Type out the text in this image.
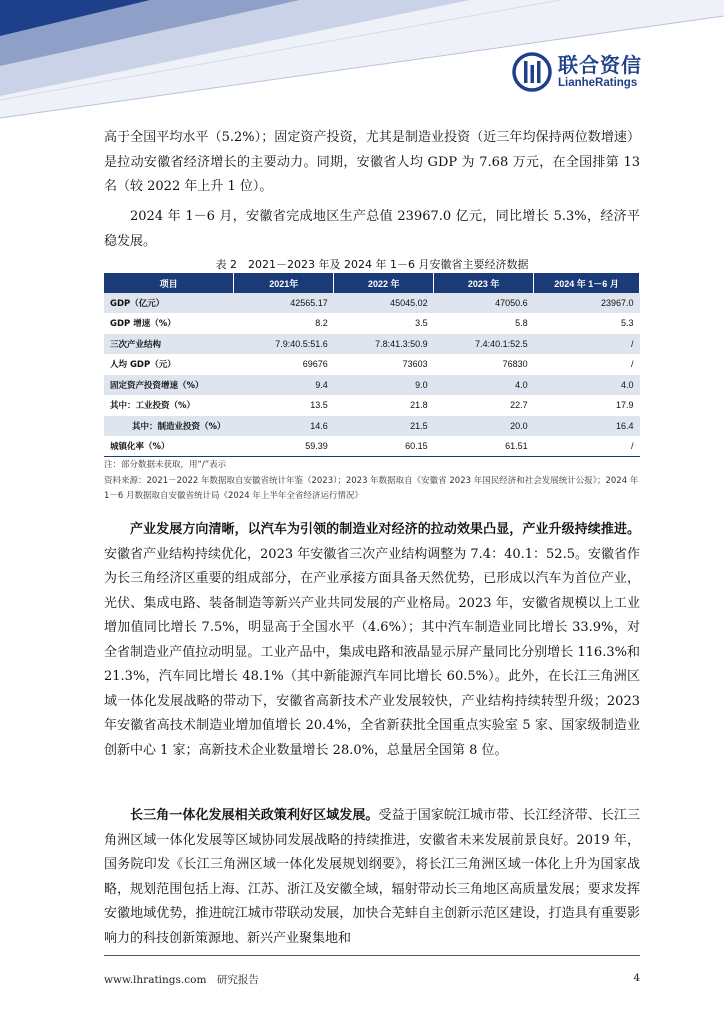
联合资信
LianheRatings

高于全国平均水平（5.2%）；固定资产投资，尤其是制造业投资（近三年均保持两位数增速）是拉动安徽省经济增长的主要动力。同期，安徽省人均 GDP 为 7.68 万元，在全国排第 13 名（较 2022 年上升 1 位）。

2024 年 1－6 月，安徽省完成地区生产总值 23967.0 亿元，同比增长 5.3%，经济平稳发展。

表 2　2021－2023 年及 2024 年 1－6 月安徽省主要经济数据
项目	2021年	2022 年	2023 年	2024 年 1－6 月
GDP（亿元）	42565.17	45045.02	47050.6	23967.0
GDP 增速（%）	8.2	3.5	5.8	5.3
三次产业结构	7.9:40.5:51.6	7.8:41.3:50.9	7.4:40.1:52.5	/
人均 GDP（元）	69676	73603	76830	/
固定资产投资增速（%）	9.4	9.0	4.0	4.0
其中：工业投资（%）	13.5	21.8	22.7	17.9
其中：制造业投资（%）	14.6	21.5	20.0	16.4
城镇化率（%）	59.39	60.15	61.51	/

注：部分数据未获取，用“/”表示

资料来源：2021－2022 年数据取自安徽省统计年鉴（2023）；2023 年数据取自《安徽省 2023 年国民经济和社会发展统计公报》；2024 年 1－6 月数据取自安徽省统计局《2024 年上半年全省经济运行情况》

产业发展方向清晰，以汽车为引领的制造业对经济的拉动效果凸显，产业升级持续推进。安徽省产业结构持续优化，2023 年安徽省三次产业结构调整为 7.4：40.1：52.5。安徽省作为长三角经济区重要的组成部分，在产业承接方面具备天然优势，已形成以汽车为首位产业，光伏、集成电路、装备制造等新兴产业共同发展的产业格局。2023 年，安徽省规模以上工业增加值同比增长 7.5%，明显高于全国水平（4.6%）；其中汽车制造业同比增长 33.9%，对全省制造业产值拉动明显。工业产品中，集成电路和液晶显示屏产量同比分别增长 116.3%和 21.3%，汽车同比增长 48.1%（其中新能源汽车同比增长 60.5%）。此外，在长江三角洲区域一体化发展战略的带动下，安徽省高新技术产业发展较快，产业结构持续转型升级；2023 年安徽省高技术制造业增加值增长 20.4%，全省新获批全国重点实验室 5 家、国家级制造业创新中心 1 家；高新技术企业数量增长 28.0%，总量居全国第 8 位。

长三角一体化发展相关政策利好区域发展。受益于国家皖江城市带、长江经济带、长江三角洲区域一体化发展等区域协同发展战略的持续推进，安徽省未来发展前景良好。2019 年，国务院印发《长江三角洲区域一体化发展规划纲要》，将长江三角洲区域一体化上升为国家战略，规划范围包括上海、江苏、浙江及安徽全域，辐射带动长三角地区高质量发展；要求发挥安徽地域优势，推进皖江城市带联动发展，加快合芜蚌自主创新示范区建设，打造具有重要影响力的科技创新策源地、新兴产业聚集地和

www.lhratings.com　研究报告	4
